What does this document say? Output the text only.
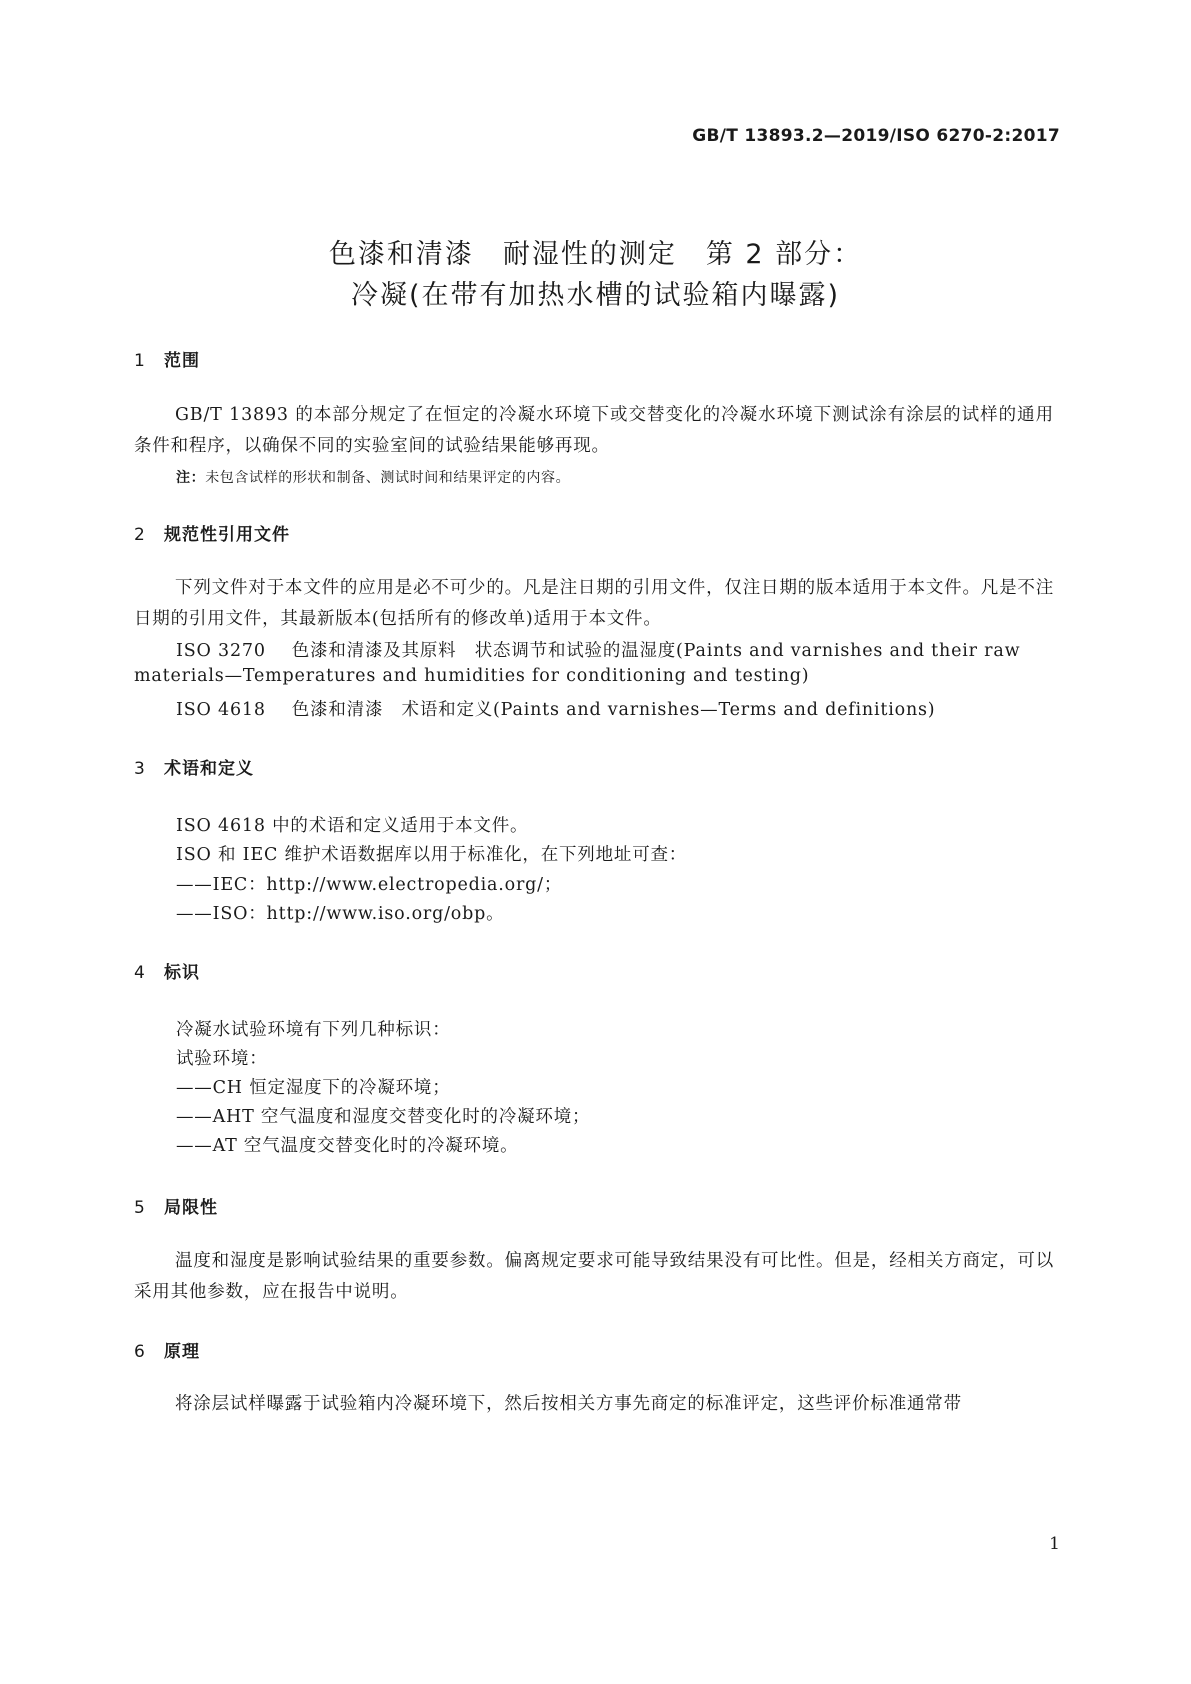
GB/T 13893.2—2019/ISO 6270-2:2017
色漆和清漆　耐湿性的测定　第 2 部分：
冷凝(在带有加热水槽的试验箱内曝露)
1 范围
GB/T 13893 的本部分规定了在恒定的冷凝水环境下或交替变化的冷凝水环境下测试涂有涂层的试样的通用条件和程序，以确保不同的实验室间的试验结果能够再现。
注：未包含试样的形状和制备、测试时间和结果评定的内容。
2 规范性引用文件
下列文件对于本文件的应用是必不可少的。凡是注日期的引用文件，仅注日期的版本适用于本文件。凡是不注日期的引用文件，其最新版本(包括所有的修改单)适用于本文件。
ISO 3270 色漆和清漆及其原料　状态调节和试验的温湿度(Paints and varnishes and their raw
materials—Temperatures and humidities for conditioning and testing)
ISO 4618 色漆和清漆　术语和定义(Paints and varnishes—Terms and definitions)
3 术语和定义
ISO 4618 中的术语和定义适用于本文件。
ISO 和 IEC 维护术语数据库以用于标准化，在下列地址可查：
——IEC：http://www.electropedia.org/；
——ISO：http://www.iso.org/obp。
4 标识
冷凝水试验环境有下列几种标识：
试验环境：
——CH 恒定湿度下的冷凝环境；
——AHT 空气温度和湿度交替变化时的冷凝环境；
——AT 空气温度交替变化时的冷凝环境。
5 局限性
温度和湿度是影响试验结果的重要参数。偏离规定要求可能导致结果没有可比性。但是，经相关方商定，可以采用其他参数，应在报告中说明。
6 原理
将涂层试样曝露于试验箱内冷凝环境下，然后按相关方事先商定的标准评定，这些评价标准通常带
1
